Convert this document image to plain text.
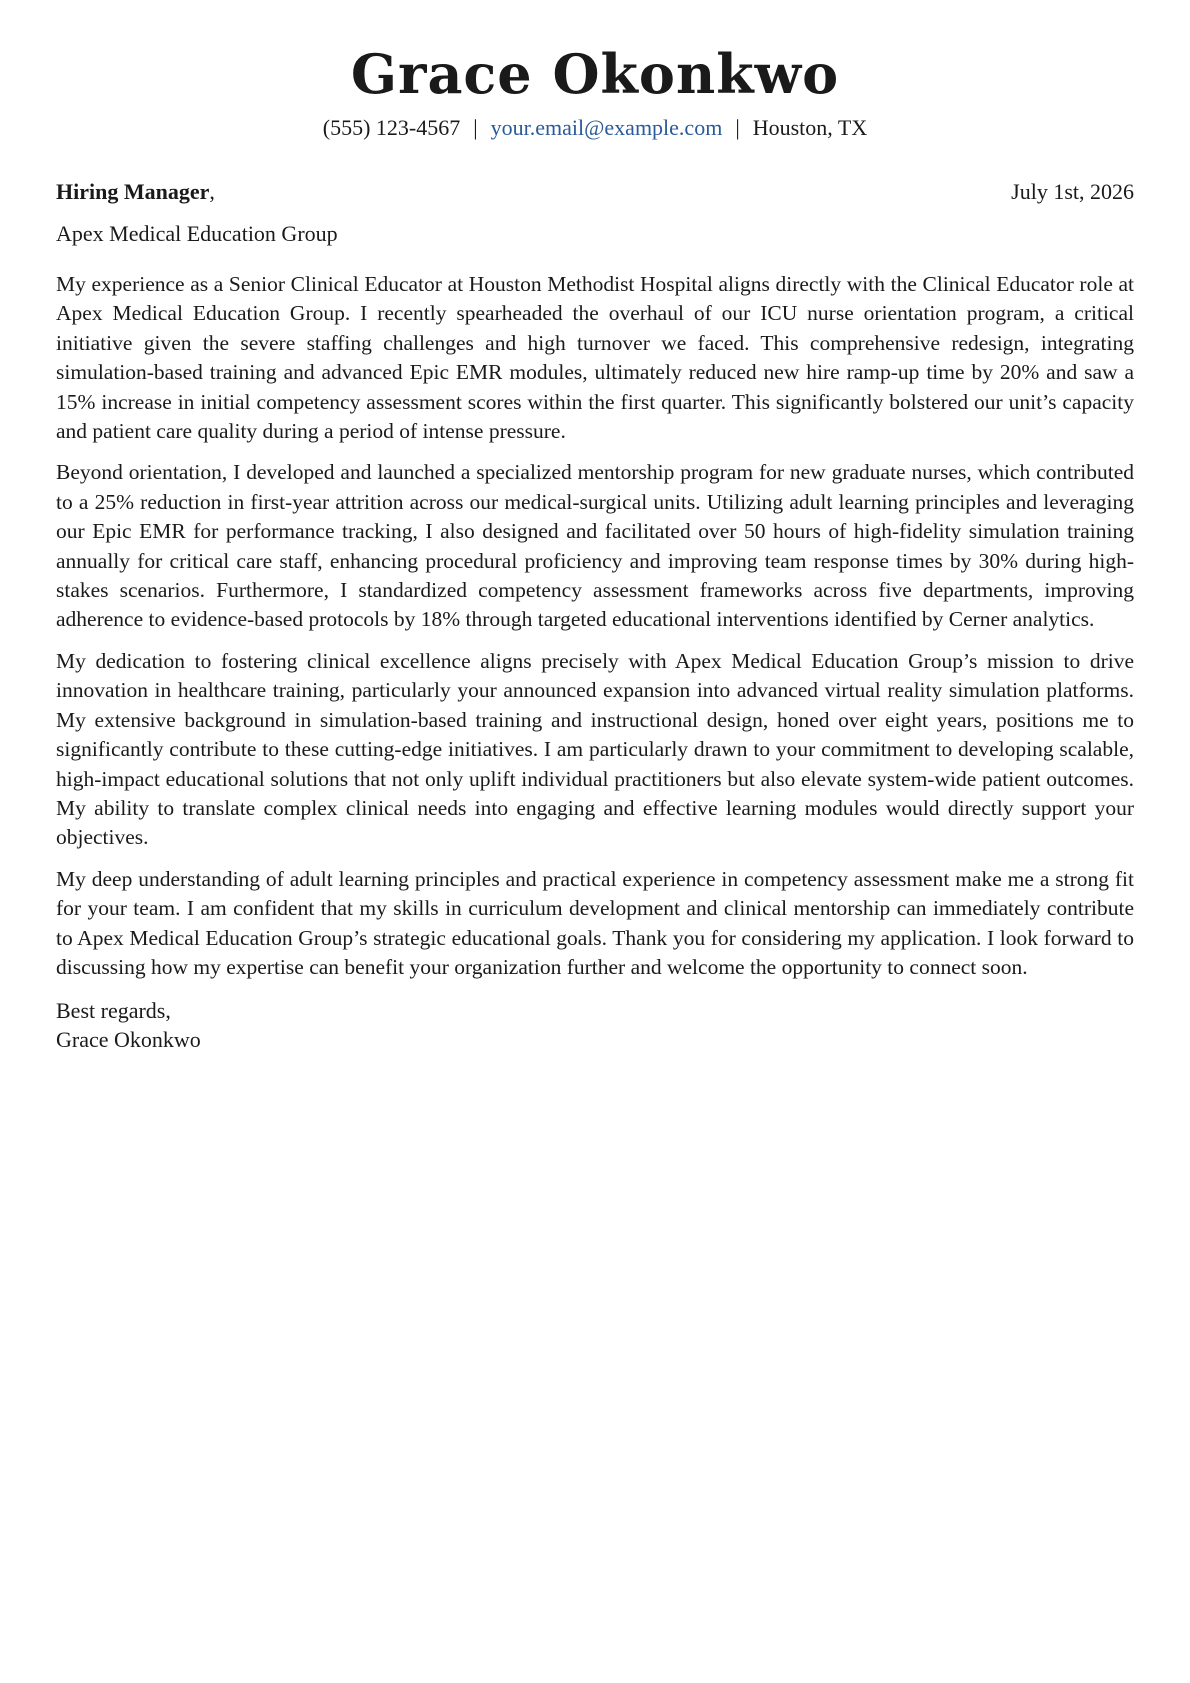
Grace Okonkwo
(555) 123-4567 | your.email@example.com | Houston, TX
Hiring Manager,	July 1st, 2026
Apex Medical Education Group

My experience as a Senior Clinical Educator at Houston Methodist Hospital aligns directly with the Clinical Educator role at Apex Medical Education Group. I recently spearheaded the overhaul of our ICU nurse orientation program, a critical initiative given the severe staffing challenges and high turnover we faced. This comprehensive redesign, integrating simulation-based training and advanced Epic EMR modules, ultimately reduced new hire ramp-up time by 20% and saw a 15% increase in initial competency assessment scores within the first quarter. This significantly bolstered our unit’s capacity and patient care quality during a period of intense pressure.

Beyond orientation, I developed and launched a specialized mentorship program for new graduate nurses, which contributed to a 25% reduction in first-year attrition across our medical-surgical units. Utilizing adult learning principles and leveraging our Epic EMR for performance tracking, I also designed and facilitated over 50 hours of high-fidelity simulation training annually for critical care staff, enhancing procedural proficiency and improving team response times by 30% during high-stakes scenarios. Furthermore, I standardized competency assessment frameworks across five departments, improving adherence to evidence-based protocols by 18% through targeted educational interventions identified by Cerner analytics.

My dedication to fostering clinical excellence aligns precisely with Apex Medical Education Group’s mission to drive innovation in healthcare training, particularly your announced expansion into advanced virtual reality simulation platforms. My extensive background in simulation-based training and instructional design, honed over eight years, positions me to significantly contribute to these cutting-edge initiatives. I am particularly drawn to your commitment to developing scalable, high-impact educational solutions that not only uplift individual practitioners but also elevate system-wide patient outcomes. My ability to translate complex clinical needs into engaging and effective learning modules would directly support your objectives.

My deep understanding of adult learning principles and practical experience in competency assessment make me a strong fit for your team. I am confident that my skills in curriculum development and clinical mentorship can immediately contribute to Apex Medical Education Group’s strategic educational goals. Thank you for considering my application. I look forward to discussing how my expertise can benefit your organization further and welcome the opportunity to connect soon.

Best regards,
Grace Okonkwo
